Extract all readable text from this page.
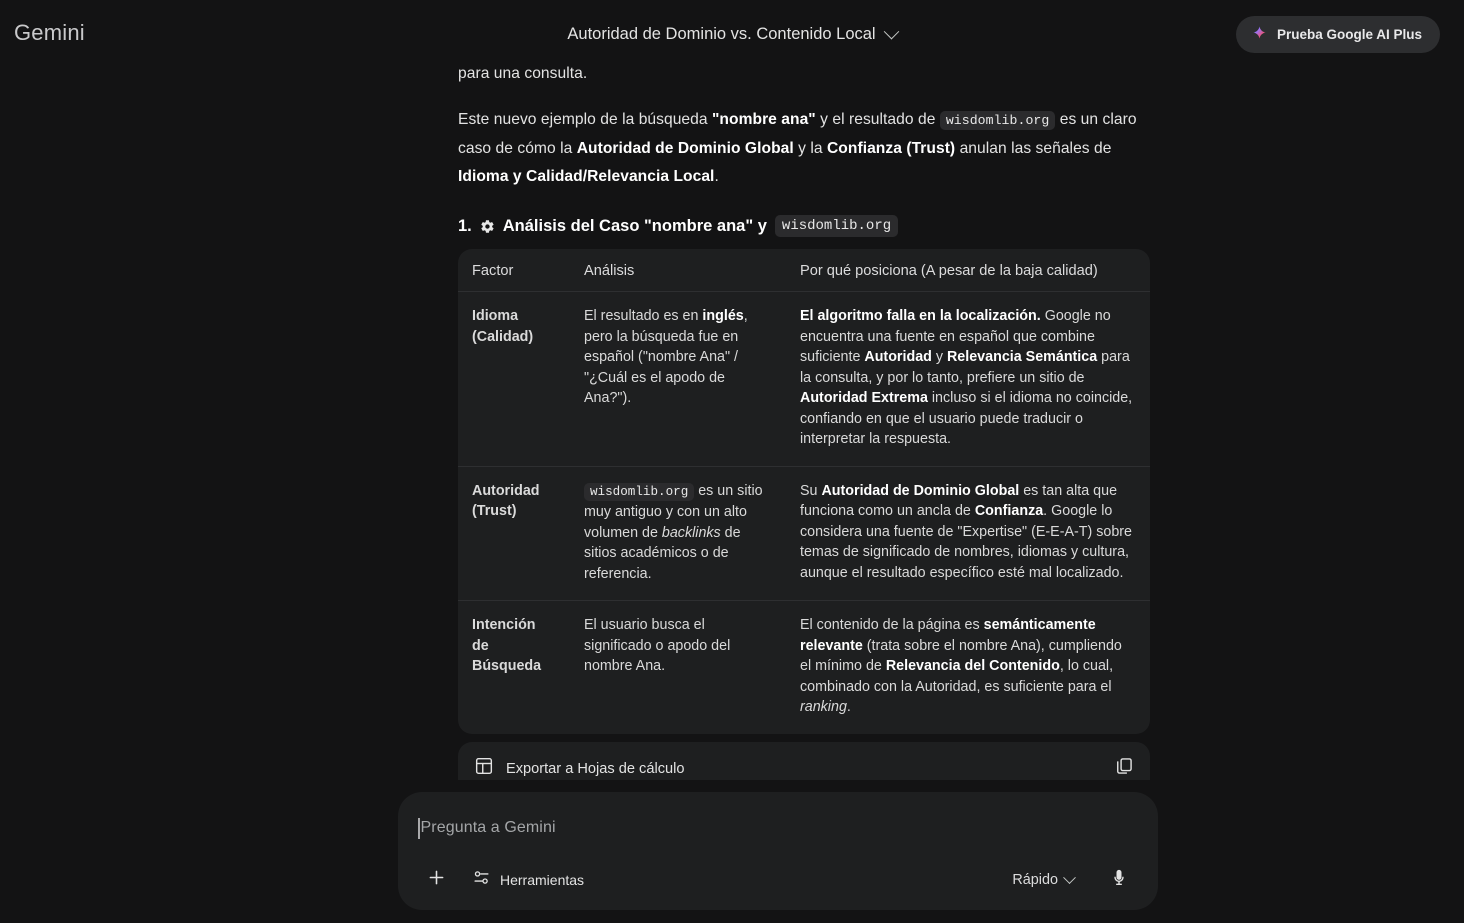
Gemini	Autoridad de Dominio vs. Contenido Local	Prueba Google AI Plus
para una consulta.
Este nuevo ejemplo de la búsqueda "nombre ana" y el resultado de wisdomlib.org es un claro caso de cómo la Autoridad de Dominio Global y la Confianza (Trust) anulan las señales de Idioma y Calidad/Relevancia Local.
1. Análisis del Caso "nombre ana" y	wisdomlib.org
Factor	Análisis	Por qué posiciona (A pesar de la baja calidad)
Idioma (Calidad)	El resultado es en inglés, pero la búsqueda fue en español ("nombre Ana" / "¿Cuál es el apodo de Ana?").	El algoritmo falla en la localización. Google no encuentra una fuente en español que combine suficiente Autoridad y Relevancia Semántica para la consulta, y por lo tanto, prefiere un sitio de Autoridad Extrema incluso si el idioma no coincide, confiando en que el usuario puede traducir o interpretar la respuesta.
Autoridad (Trust)	wisdomlib.org es un sitio muy antiguo y con un alto volumen de backlinks de sitios académicos o de referencia.	Su Autoridad de Dominio Global es tan alta que funciona como un ancla de Confianza. Google lo considera una fuente de "Expertise" (E-E-A-T) sobre temas de significado de nombres, idiomas y cultura, aunque el resultado específico esté mal localizado.
Intención de Búsqueda	El usuario busca el significado o apodo del nombre Ana.	El contenido de la página es semánticamente relevante (trata sobre el nombre Ana), cumpliendo el mínimo de Relevancia del Contenido, lo cual, combinado con la Autoridad, es suficiente para el ranking.
Exportar a Hojas de cálculo
Pregunta a Gemini
Herramientas	Rápido
